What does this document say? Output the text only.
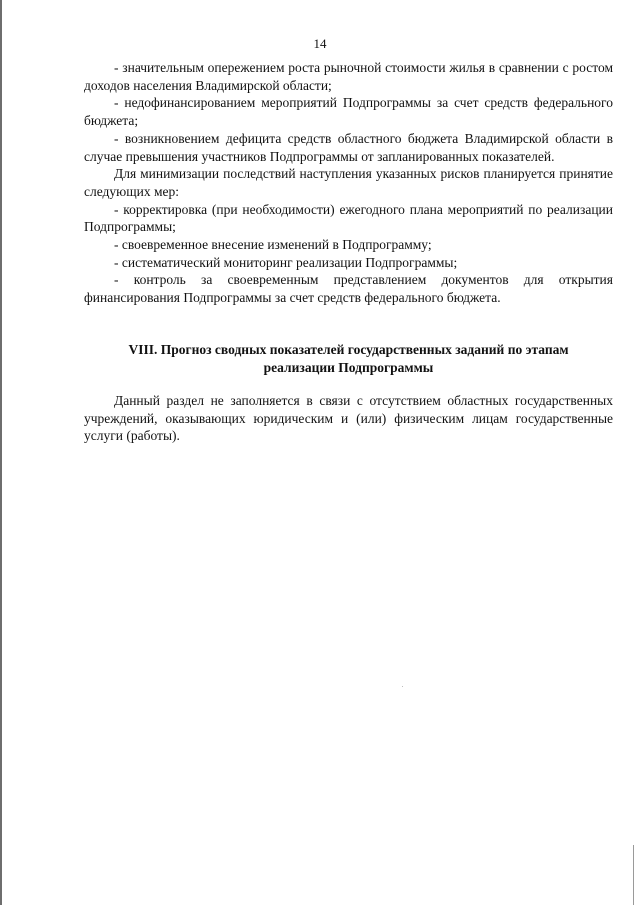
14

- значительным опережением роста рыночной стоимости жилья в сравнении с ростом доходов населения Владимирской области;

- недофинансированием мероприятий Подпрограммы за счет средств федерального бюджета;

- возникновением дефицита средств областного бюджета Владимирской области в случае превышения участников Подпрограммы от запланированных показателей.

Для минимизации последствий наступления указанных рисков планируется принятие следующих мер:

- корректировка (при необходимости) ежегодного плана мероприятий по реализации Подпрограммы;

- своевременное внесение изменений в Подпрограмму;

- систематический мониторинг реализации Подпрограммы;

- контроль за своевременным представлением документов для открытия финансирования Подпрограммы за счет средств федерального бюджета.

VIII. Прогноз сводных показателей государственных заданий по этапам
реализации Подпрограммы

Данный раздел не заполняется в связи с отсутствием областных государственных учреждений, оказывающих юридическим и (или) физическим лицам государственные услуги (работы).
